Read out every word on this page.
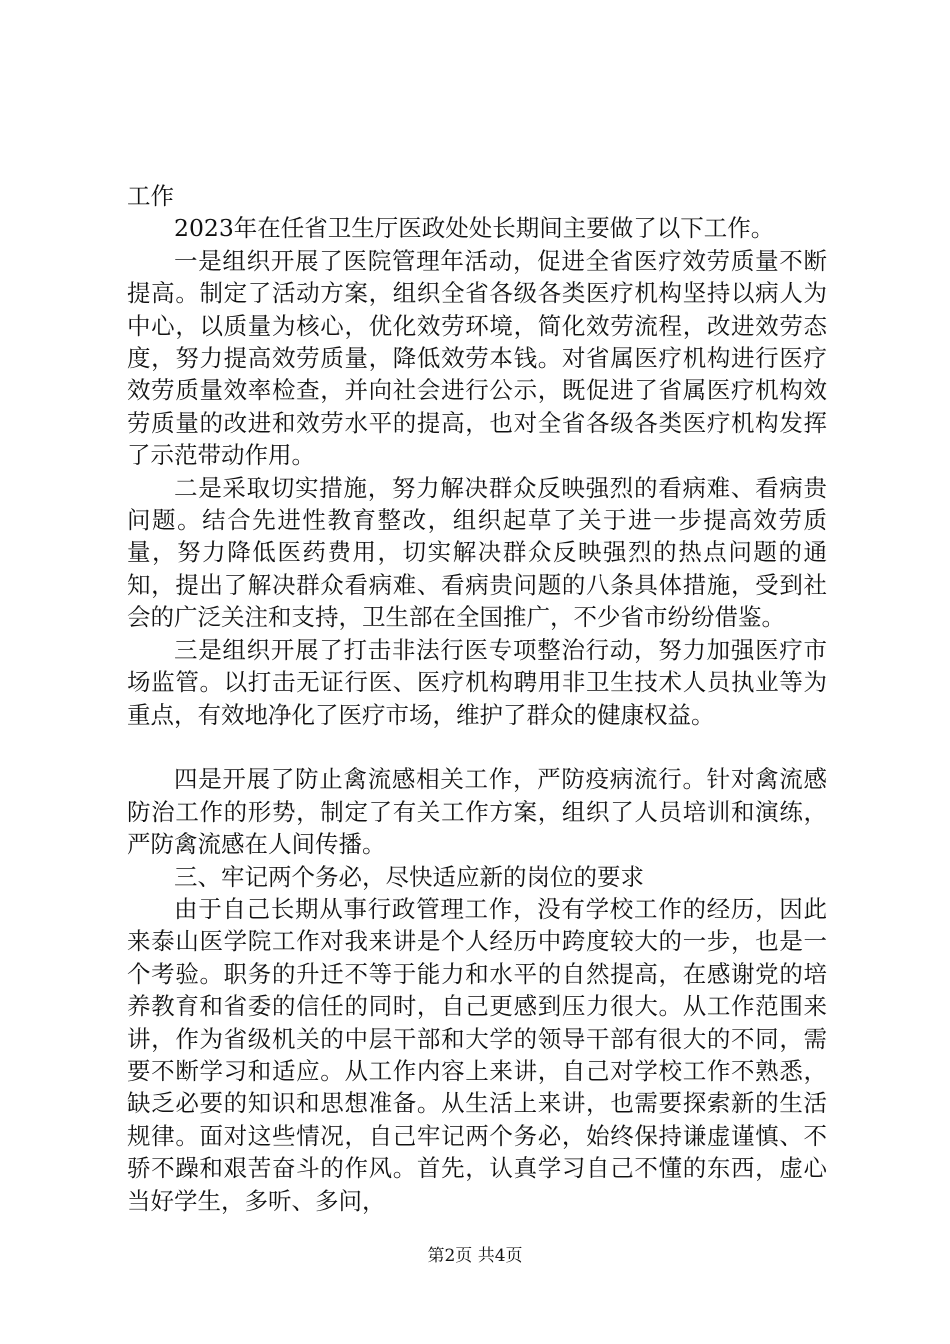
工作

2023年在任省卫生厅医政处处长期间主要做了以下工作。

一是组织开展了医院管理年活动，促进全省医疗效劳质量不断提高。制定了活动方案，组织全省各级各类医疗机构坚持以病人为中心，以质量为核心，优化效劳环境，简化效劳流程，改进效劳态度，努力提高效劳质量，降低效劳本钱。对省属医疗机构进行医疗效劳质量效率检查，并向社会进行公示，既促进了省属医疗机构效劳质量的改进和效劳水平的提高，也对全省各级各类医疗机构发挥了示范带动作用。

二是采取切实措施，努力解决群众反映强烈的看病难、看病贵问题。结合先进性教育整改，组织起草了关于进一步提高效劳质量，努力降低医药费用，切实解决群众反映强烈的热点问题的通知，提出了解决群众看病难、看病贵问题的八条具体措施，受到社会的广泛关注和支持，卫生部在全国推广，不少省市纷纷借鉴。

三是组织开展了打击非法行医专项整治行动，努力加强医疗市场监管。以打击无证行医、医疗机构聘用非卫生技术人员执业等为重点，有效地净化了医疗市场，维护了群众的健康权益。

四是开展了防止禽流感相关工作，严防疫病流行。针对禽流感防治工作的形势，制定了有关工作方案，组织了人员培训和演练，严防禽流感在人间传播。

三、牢记两个务必，尽快适应新的岗位的要求

由于自己长期从事行政管理工作，没有学校工作的经历，因此来泰山医学院工作对我来讲是个人经历中跨度较大的一步，也是一个考验。职务的升迁不等于能力和水平的自然提高，在感谢党的培养教育和省委的信任的同时，自己更感到压力很大。从工作范围来讲，作为省级机关的中层干部和大学的领导干部有很大的不同，需要不断学习和适应。从工作内容上来讲，自己对学校工作不熟悉，缺乏必要的知识和思想准备。从生活上来讲，也需要探索新的生活规律。面对这些情况，自己牢记两个务必，始终保持谦虚谨慎、不骄不躁和艰苦奋斗的作风。首先，认真学习自己不懂的东西，虚心当好学生，多听、多问，

第2页 共4页
